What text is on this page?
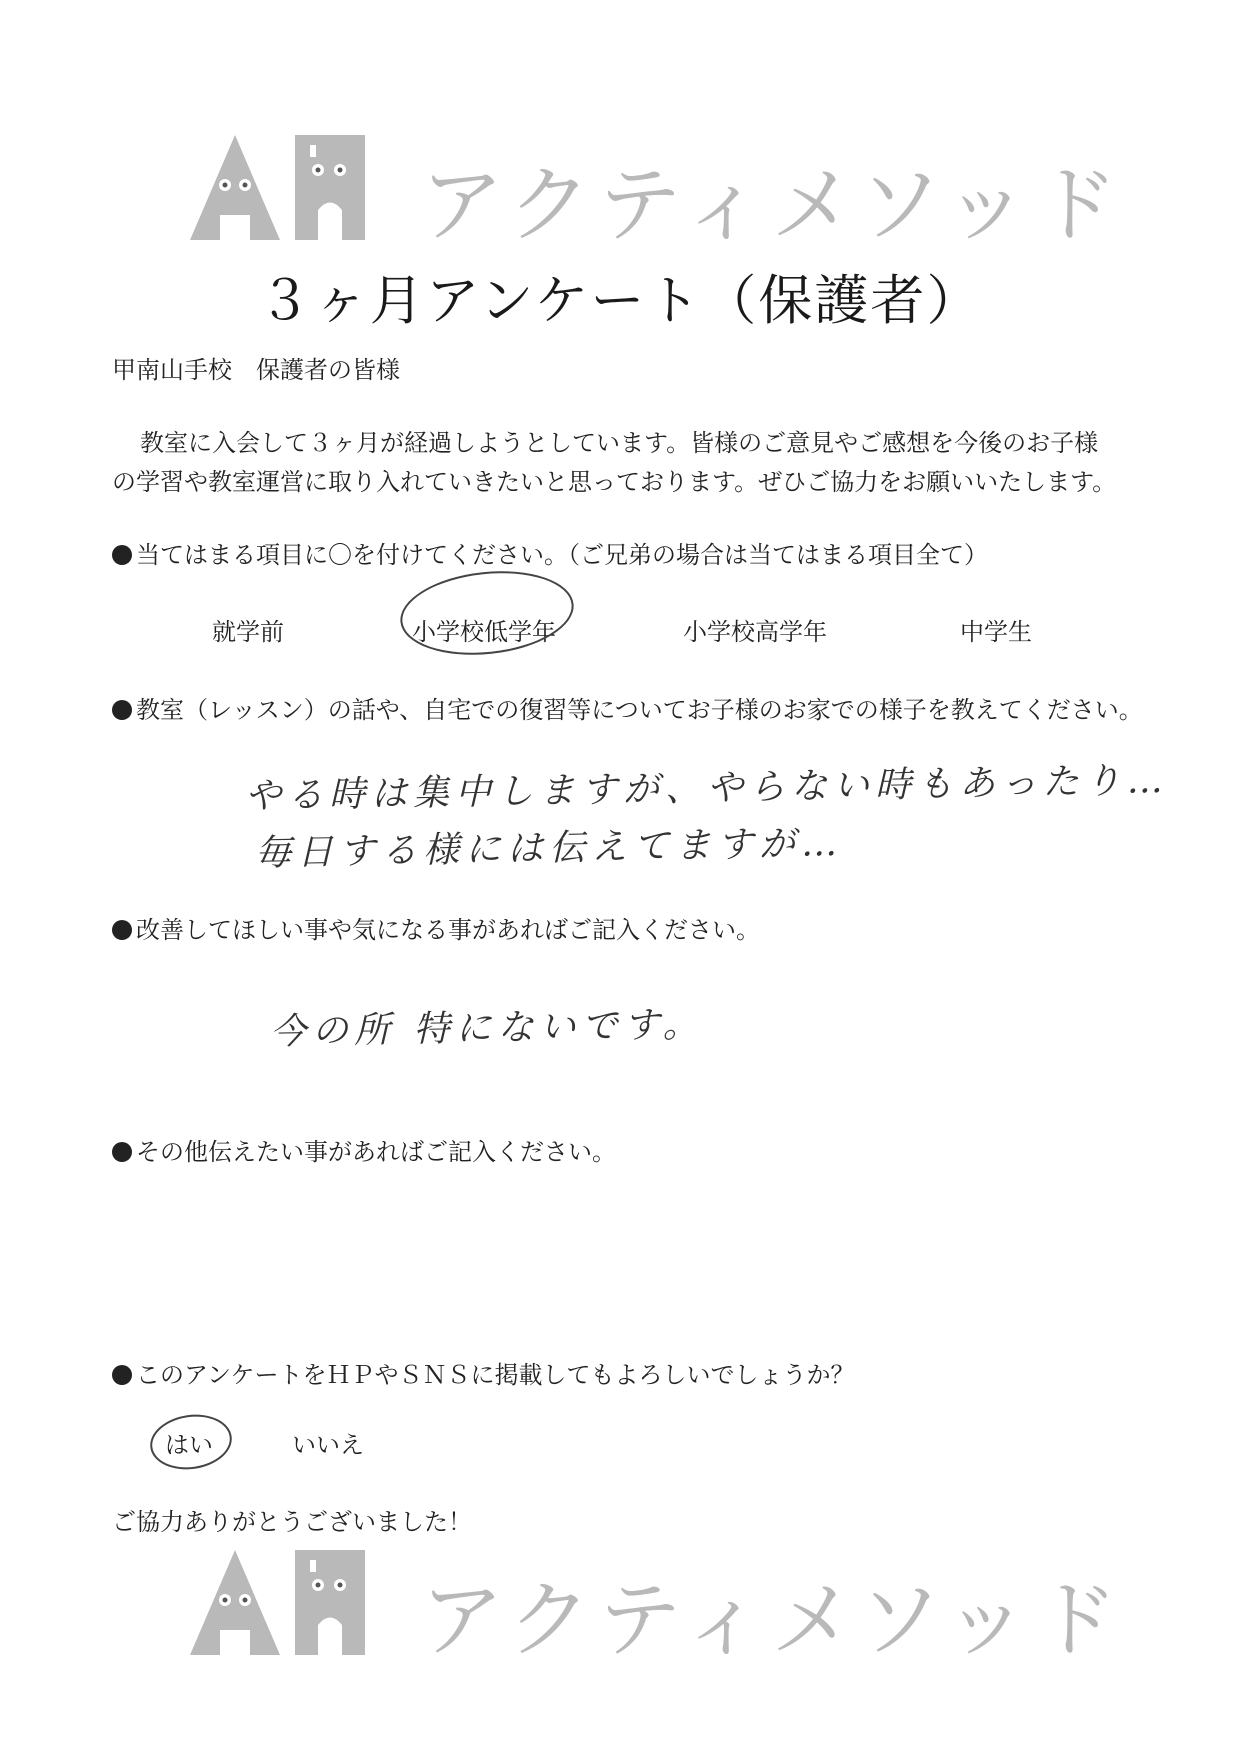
アクティメソッド
３ヶ月アンケート（保護者）
甲南山手校　保護者の皆様
教室に入会して３ヶ月が経過しようとしています。皆様のご意見やご感想を今後のお子様
の学習や教室運営に取り入れていきたいと思っております。ぜひご協力をお願いいたします。
当てはまる項目に〇を付けてください。（ご兄弟の場合は当てはまる項目全て）
就学前	小学校低学年	小学校高学年	中学生
教室（レッスン）の話や、自宅での復習等についてお子様のお家での様子を教えてください。
やる時は集中しますが、やらない時もあったり…
毎日する様には伝えてますが…
改善してほしい事や気になる事があればご記入ください。
今の所 特にないです。
その他伝えたい事があればご記入ください。
このアンケートをＨＰやＳＮＳに掲載してもよろしいでしょうか？
はい	いいえ
ご協力ありがとうございました！
アクティメソッド
